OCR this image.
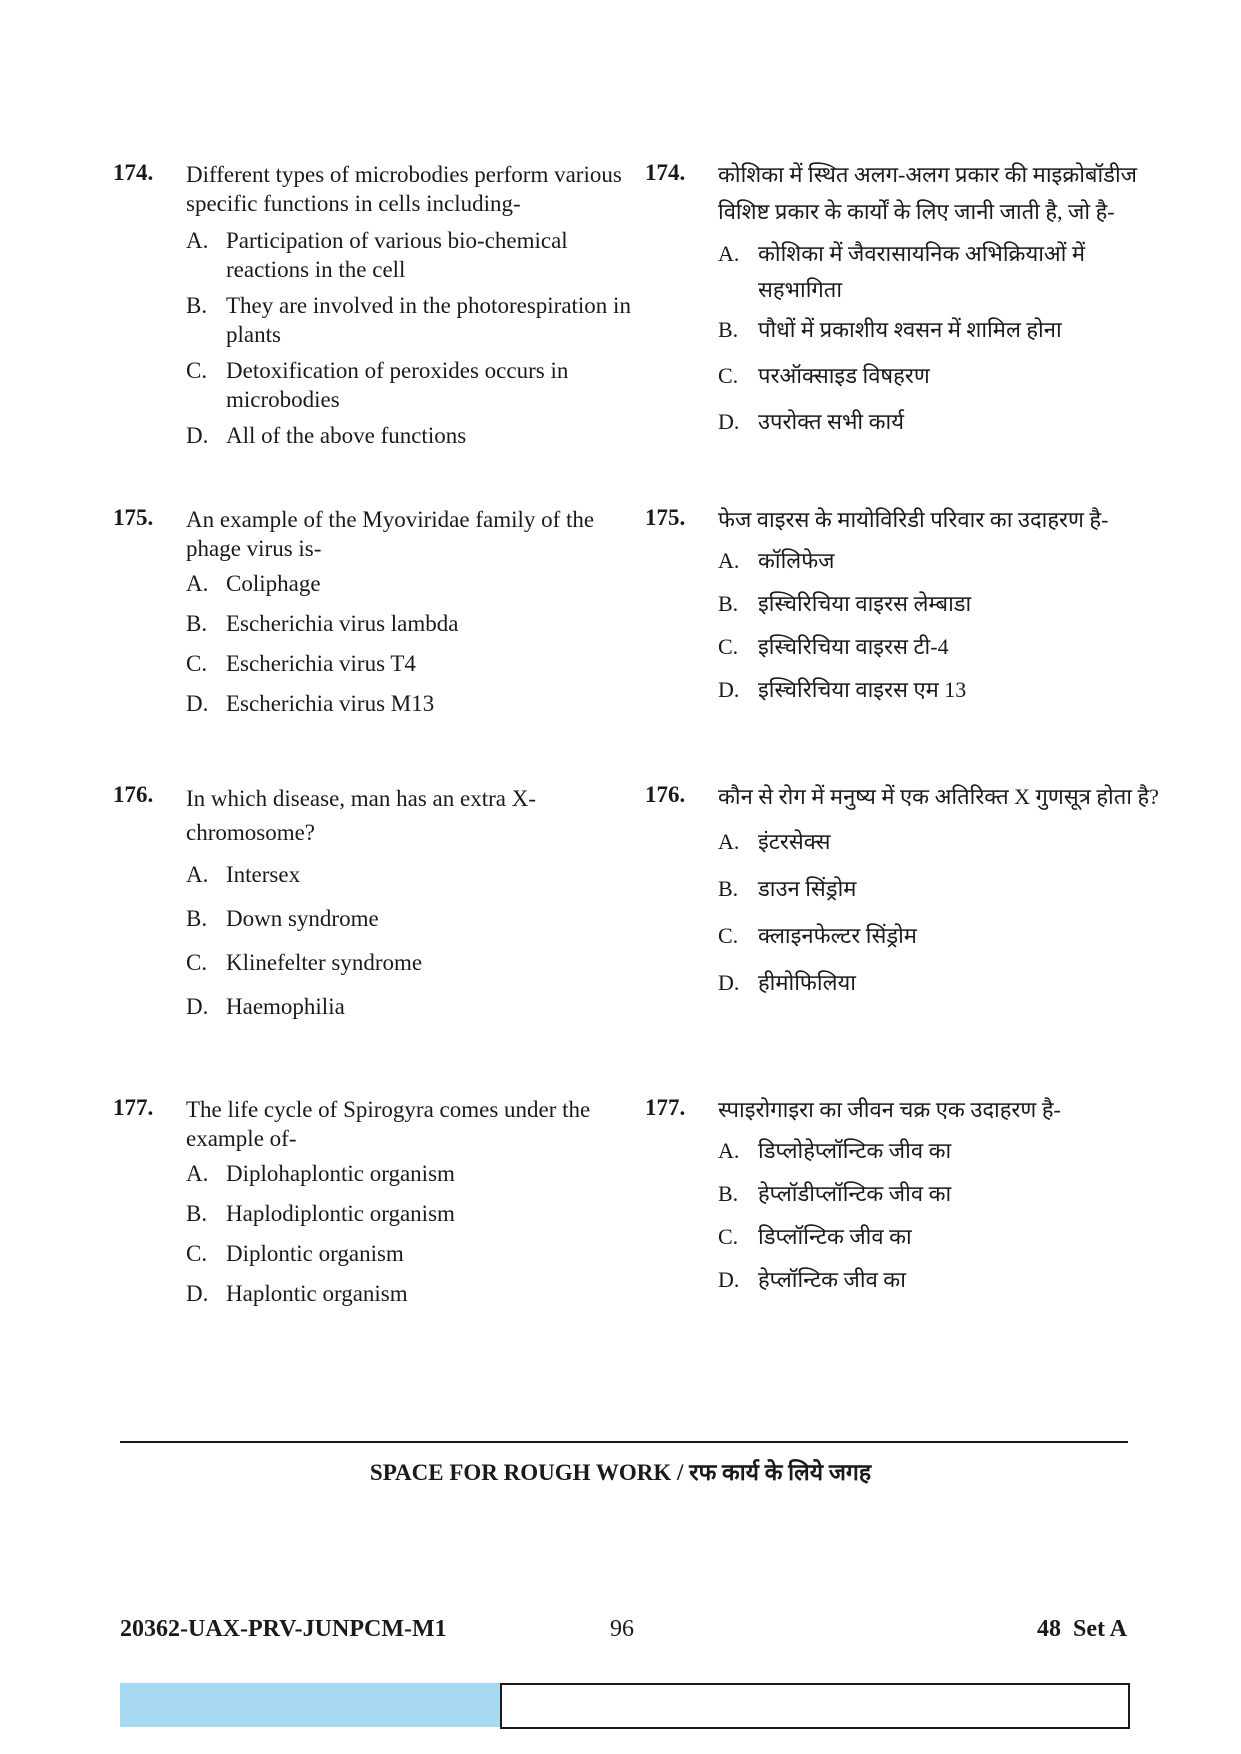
174. Different types of microbodies perform various specific functions in cells including-
A. Participation of various bio-chemical reactions in the cell
B. They are involved in the photorespiration in plants
C. Detoxification of peroxides occurs in microbodies
D. All of the above functions
175. An example of the Myoviridae family of the phage virus is-
A. Coliphage
B. Escherichia virus lambda
C. Escherichia virus T4
D. Escherichia virus M13
176. In which disease, man has an extra X-chromosome?
A. Intersex
B. Down syndrome
C. Klinefelter syndrome
D. Haemophilia
177. The life cycle of Spirogyra comes under the example of-
A. Diplohaplontic organism
B. Haplodiplontic organism
C. Diplontic organism
D. Haplontic organism
174. कोशिका में स्थित अलग-अलग प्रकार की माइक्रोबॉडीज विशिष्ट प्रकार के कार्यों के लिए जानी जाती है, जो है-
A. कोशिका में जैवरासायनिक अभिक्रियाओं में सहभागिता
B. पौधों में प्रकाशीय श्वसन में शामिल होना
C. परऑक्साइड विषहरण
D. उपरोक्त सभी कार्य
175. फेज वाइरस के मायोविरिडी परिवार का उदाहरण है-
A. कॉलिफेज
B. इस्चिरिचिया वाइरस लेम्बाडा
C. इस्चिरिचिया वाइरस टी-4
D. इस्चिरिचिया वाइरस एम 13
176. कौन से रोग में मनुष्य में एक अतिरिक्त X गुणसूत्र होता है?
A. इंटरसेक्स
B. डाउन सिंड्रोम
C. क्लाइनफेल्टर सिंड्रोम
D. हीमोफिलिया
177. स्पाइरोगाइरा का जीवन चक्र एक उदाहरण है-
A. डिप्लोहेप्लॉन्टिक जीव का
B. हेप्लॉडीप्लॉन्टिक जीव का
C. डिप्लॉन्टिक जीव का
D. हेप्लॉन्टिक जीव का
SPACE FOR ROUGH WORK / रफ कार्य के लिये जगह
20362-UAX-PRV-JUNPCM-M1	96	48 Set A
